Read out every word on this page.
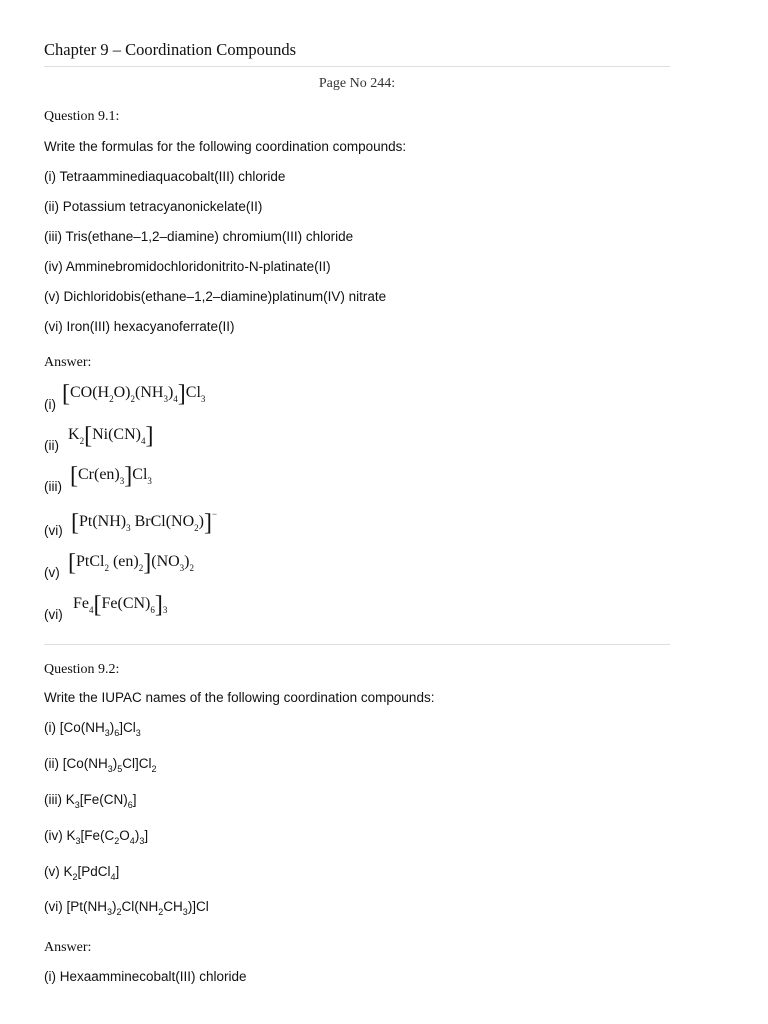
Chapter 9 – Coordination Compounds
Page No 244:
Question 9.1:
Write the formulas for the following coordination compounds:
(i) Tetraamminediaquacobalt(III) chloride
(ii) Potassium tetracyanonickelate(II)
(iii) Tris(ethane–1,2–diamine) chromium(III) chloride
(iv) Amminebromidochloridonitrito-N-platinate(II)
(v) Dichloridobis(ethane–1,2–diamine)platinum(IV) nitrate
(vi) Iron(III) hexacyanoferrate(II)
Answer:
(i) $[CO(H_2O)_2(NH_3)_4]Cl_3$
(ii)
$K_2[Ni(CN)_4]$
(iii) $[Cr(en)_3]Cl_3$
(vi) [$Pt(NH)_3$ $BrCl(NO_2)]^-$
(v) [PtCl$_2$ $(en)_2](NO_3)_2$
(vi)
$Fe_4[Fe(CN)_6]_3$
Question 9.2:
Write the IUPAC names of the following coordination compounds:
(i) $[Co(NH_3)_6]Cl_3$
(ii) $[Co(NH_3)_5Cl]Cl_2$
(iii) $K_3[Fe(CN)_6]$
(iv) $K_3[Fe(C_2O_4)_3]$
(v) $K_2[PdCl_4]$
(vi) $[Pt(NH_3)_2Cl(NH_2CH_3)]Cl$
Answer:
(i) Hexaamminecobalt(III) chloride
